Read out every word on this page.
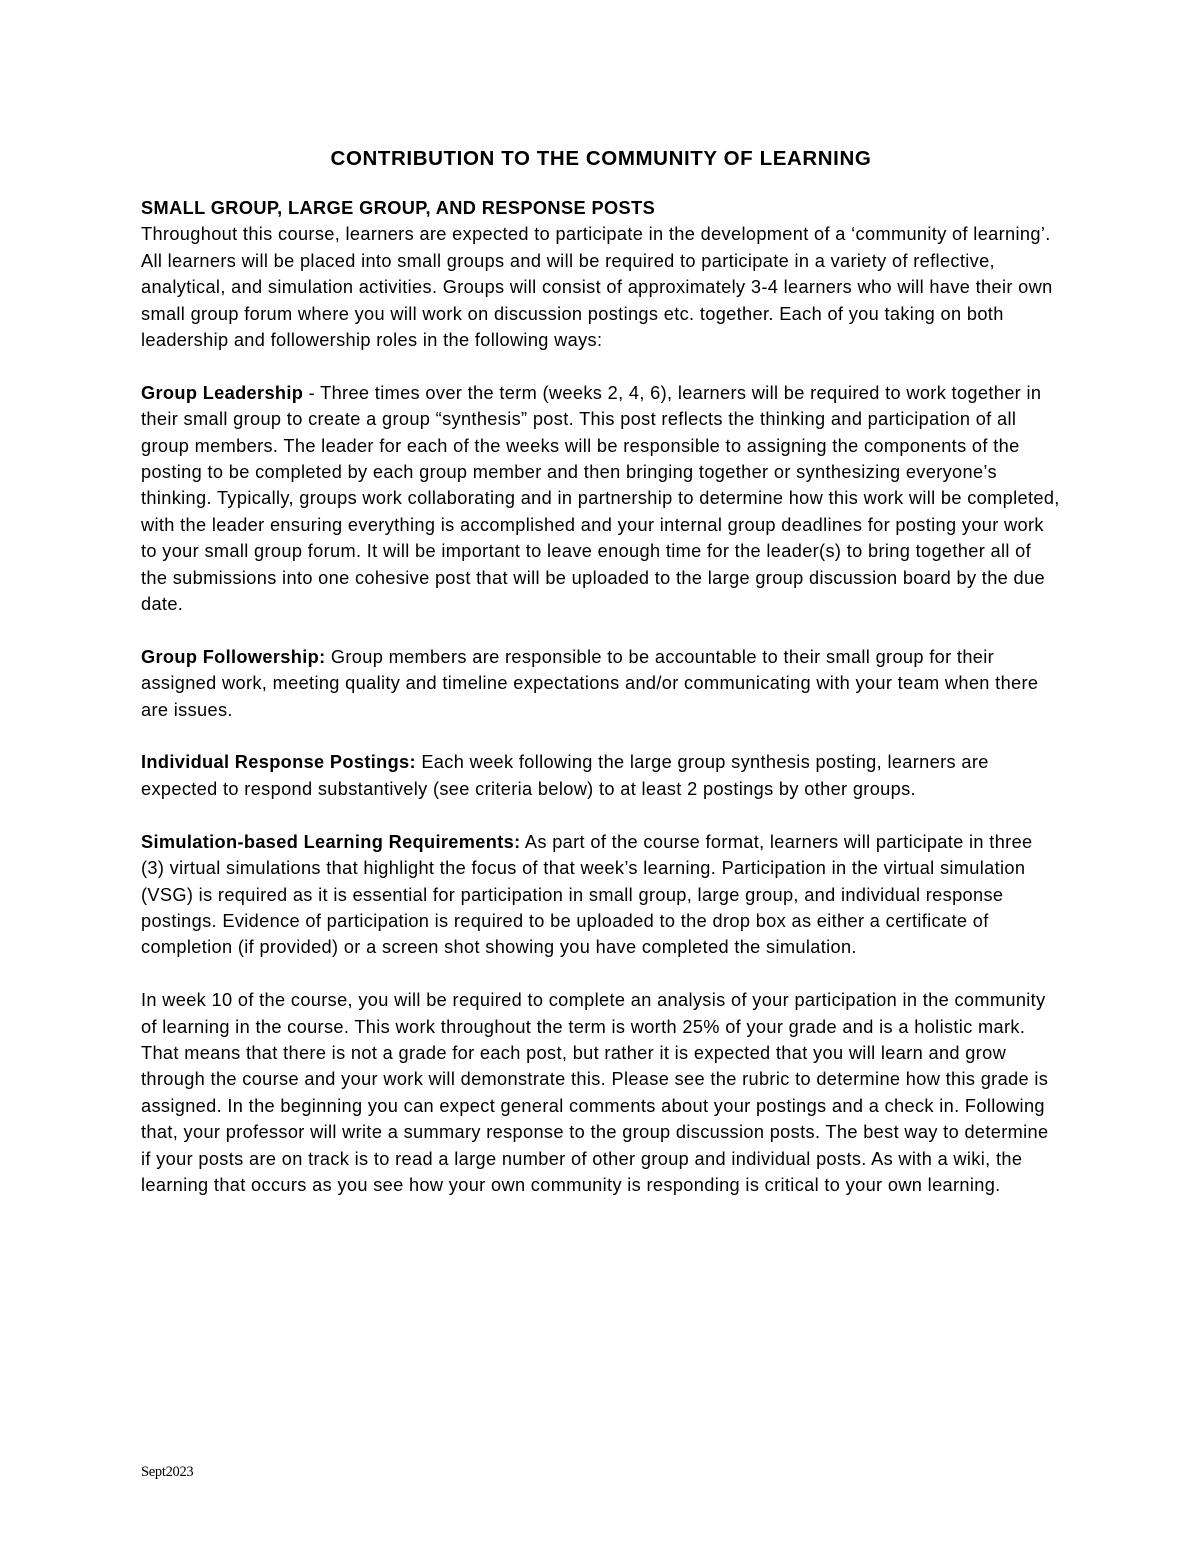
CONTRIBUTION TO THE COMMUNITY OF LEARNING
SMALL GROUP, LARGE GROUP, AND RESPONSE POSTS

Throughout this course, learners are expected to participate in the development of a ‘community of learning’. All learners will be placed into small groups and will be required to participate in a variety of reflective, analytical, and simulation activities. Groups will consist of approximately 3-4 learners who will have their own small group forum where you will work on discussion postings etc. together. Each of you taking on both leadership and followership roles in the following ways:

Group Leadership - Three times over the term (weeks 2, 4, 6), learners will be required to work together in their small group to create a group “synthesis” post. This post reflects the thinking and participation of all group members. The leader for each of the weeks will be responsible to assigning the components of the posting to be completed by each group member and then bringing together or synthesizing everyone’s thinking. Typically, groups work collaborating and in partnership to determine how this work will be completed, with the leader ensuring everything is accomplished and your internal group deadlines for posting your work to your small group forum. It will be important to leave enough time for the leader(s) to bring together all of the submissions into one cohesive post that will be uploaded to the large group discussion board by the due date.

Group Followership: Group members are responsible to be accountable to their small group for their assigned work, meeting quality and timeline expectations and/or communicating with your team when there are issues.

Individual Response Postings: Each week following the large group synthesis posting, learners are expected to respond substantively (see criteria below) to at least 2 postings by other groups.

Simulation-based Learning Requirements: As part of the course format, learners will participate in three (3) virtual simulations that highlight the focus of that week’s learning. Participation in the virtual simulation (VSG) is required as it is essential for participation in small group, large group, and individual response postings. Evidence of participation is required to be uploaded to the drop box as either a certificate of completion (if provided) or a screen shot showing you have completed the simulation.

In week 10 of the course, you will be required to complete an analysis of your participation in the community of learning in the course. This work throughout the term is worth 25% of your grade and is a holistic mark. That means that there is not a grade for each post, but rather it is expected that you will learn and grow through the course and your work will demonstrate this. Please see the rubric to determine how this grade is assigned. In the beginning you can expect general comments about your postings and a check in. Following that, your professor will write a summary response to the group discussion posts. The best way to determine if your posts are on track is to read a large number of other group and individual posts. As with a wiki, the learning that occurs as you see how your own community is responding is critical to your own learning.

Sept2023
